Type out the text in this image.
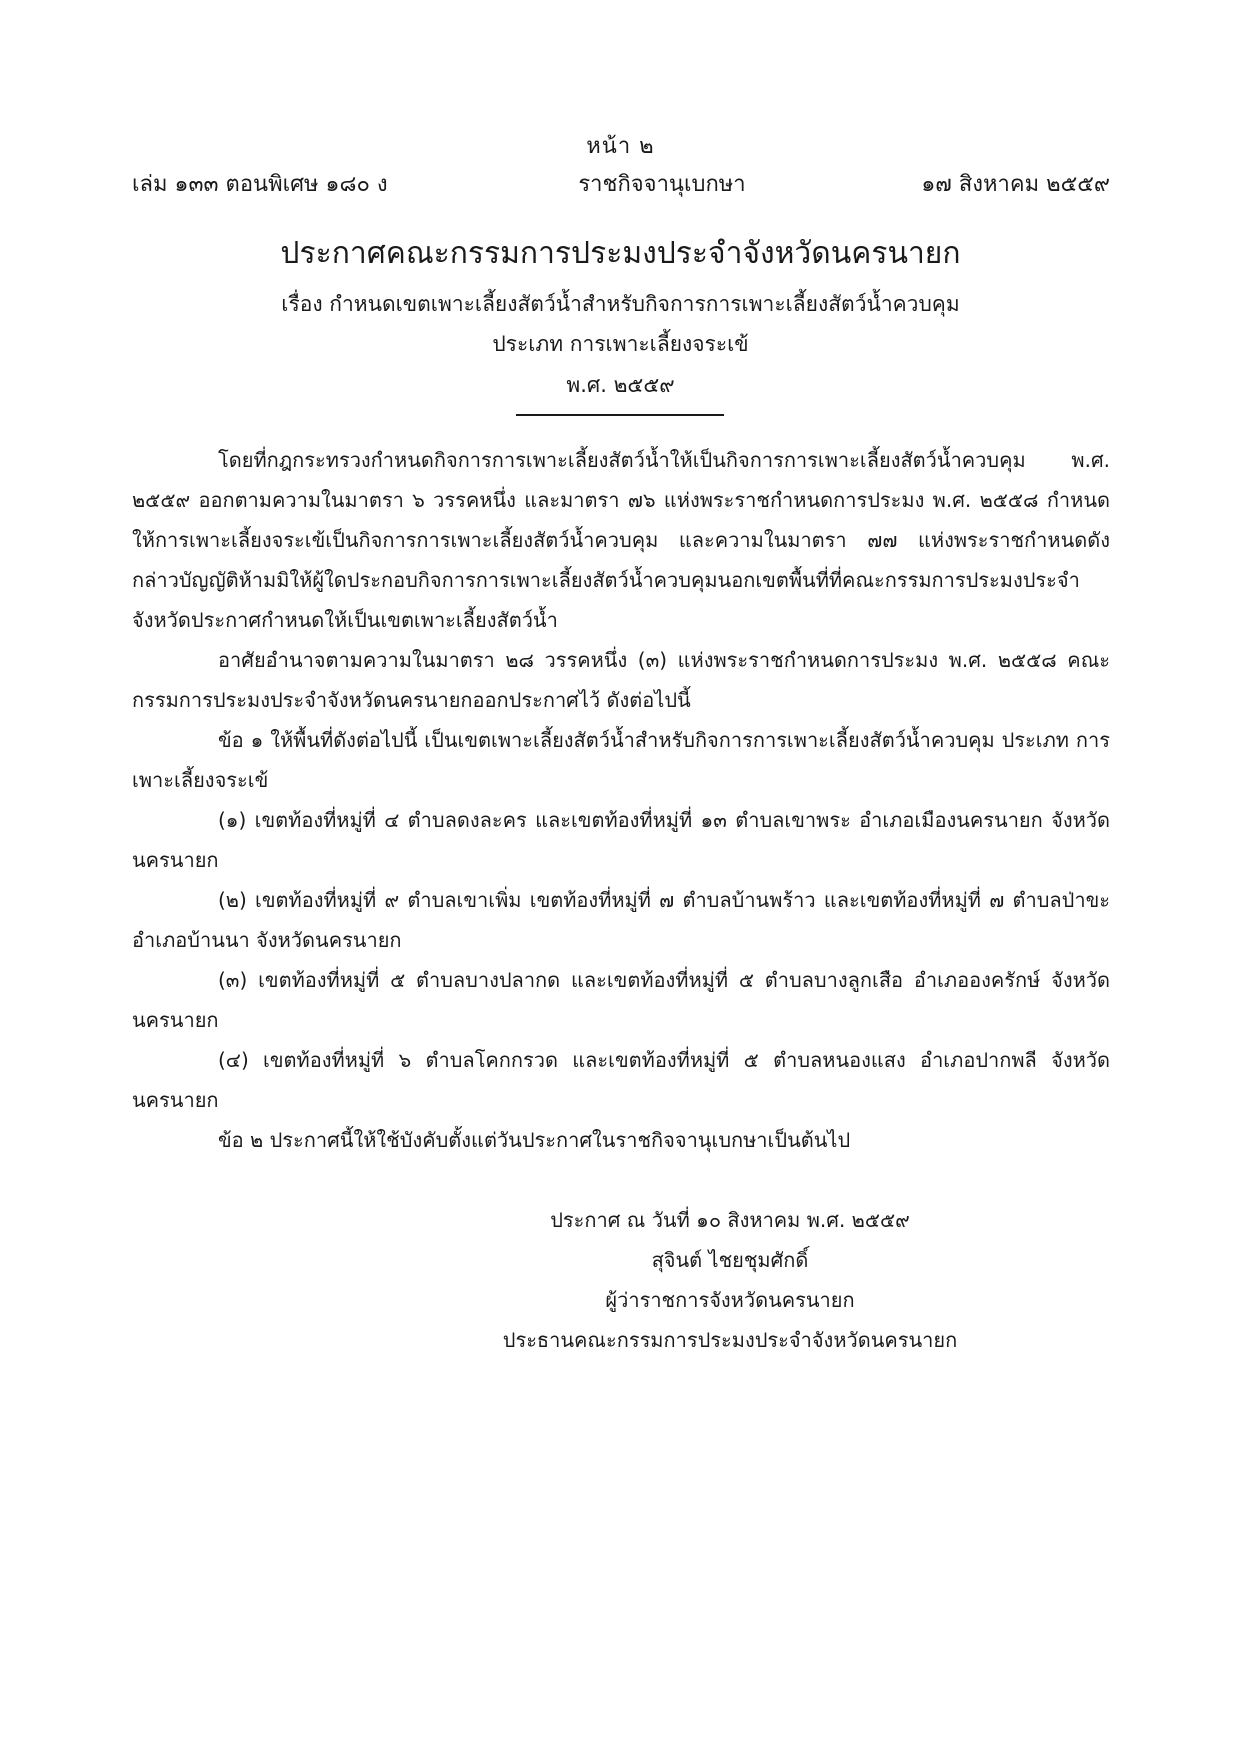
หน้า ๒
เล่ม ๑๓๓ ตอนพิเศษ ๑๘๐ ง	ราชกิจจานุเบกษา	๑๗ สิงหาคม ๒๕๕๙
ประกาศคณะกรรมการประมงประจำจังหวัดนครนายก
เรื่อง กำหนดเขตเพาะเลี้ยงสัตว์น้ำสำหรับกิจการการเพาะเลี้ยงสัตว์น้ำควบคุม
ประเภท การเพาะเลี้ยงจระเข้
พ.ศ. ๒๕๕๙

โดยที่กฎกระทรวงกำหนดกิจการการเพาะเลี้ยงสัตว์น้ำให้เป็นกิจการการเพาะเลี้ยงสัตว์น้ำควบคุม พ.ศ. ๒๕๕๙ ออกตามความในมาตรา ๖ วรรคหนึ่ง และมาตรา ๗๖ แห่งพระราชกำหนดการประมง พ.ศ. ๒๕๕๘ กำหนดให้การเพาะเลี้ยงจระเข้เป็นกิจการการเพาะเลี้ยงสัตว์น้ำควบคุม และความในมาตรา ๗๗ แห่งพระราชกำหนดดังกล่าวบัญญัติห้ามมิให้ผู้ใดประกอบกิจการการเพาะเลี้ยงสัตว์น้ำควบคุมนอกเขตพื้นที่ที่คณะกรรมการประมงประจำจังหวัดประกาศกำหนดให้เป็นเขตเพาะเลี้ยงสัตว์น้ำ

อาศัยอำนาจตามความในมาตรา ๒๘ วรรคหนึ่ง (๓) แห่งพระราชกำหนดการประมง พ.ศ. ๒๕๕๘ คณะกรรมการประมงประจำจังหวัดนครนายกออกประกาศไว้ ดังต่อไปนี้

ข้อ ๑ ให้พื้นที่ดังต่อไปนี้ เป็นเขตเพาะเลี้ยงสัตว์น้ำสำหรับกิจการการเพาะเลี้ยงสัตว์น้ำควบคุม ประเภท การเพาะเลี้ยงจระเข้

(๑) เขตท้องที่หมู่ที่ ๔ ตำบลดงละคร และเขตท้องที่หมู่ที่ ๑๓ ตำบลเขาพระ อำเภอเมืองนครนายก จังหวัดนครนายก

(๒) เขตท้องที่หมู่ที่ ๙ ตำบลเขาเพิ่ม เขตท้องที่หมู่ที่ ๗ ตำบลบ้านพร้าว และเขตท้องที่หมู่ที่ ๗ ตำบลป่าขะ อำเภอบ้านนา จังหวัดนครนายก

(๓) เขตท้องที่หมู่ที่ ๕ ตำบลบางปลากด และเขตท้องที่หมู่ที่ ๕ ตำบลบางลูกเสือ อำเภอองครักษ์ จังหวัดนครนายก

(๔) เขตท้องที่หมู่ที่ ๖ ตำบลโคกกรวด และเขตท้องที่หมู่ที่ ๕ ตำบลหนองแสง อำเภอปากพลี จังหวัดนครนายก

ข้อ ๒ ประกาศนี้ให้ใช้บังคับตั้งแต่วันประกาศในราชกิจจานุเบกษาเป็นต้นไป

ประกาศ ณ วันที่ ๑๐ สิงหาคม พ.ศ. ๒๕๕๙
สุจินต์ ไชยชุมศักดิ์
ผู้ว่าราชการจังหวัดนครนายก
ประธานคณะกรรมการประมงประจำจังหวัดนครนายก
